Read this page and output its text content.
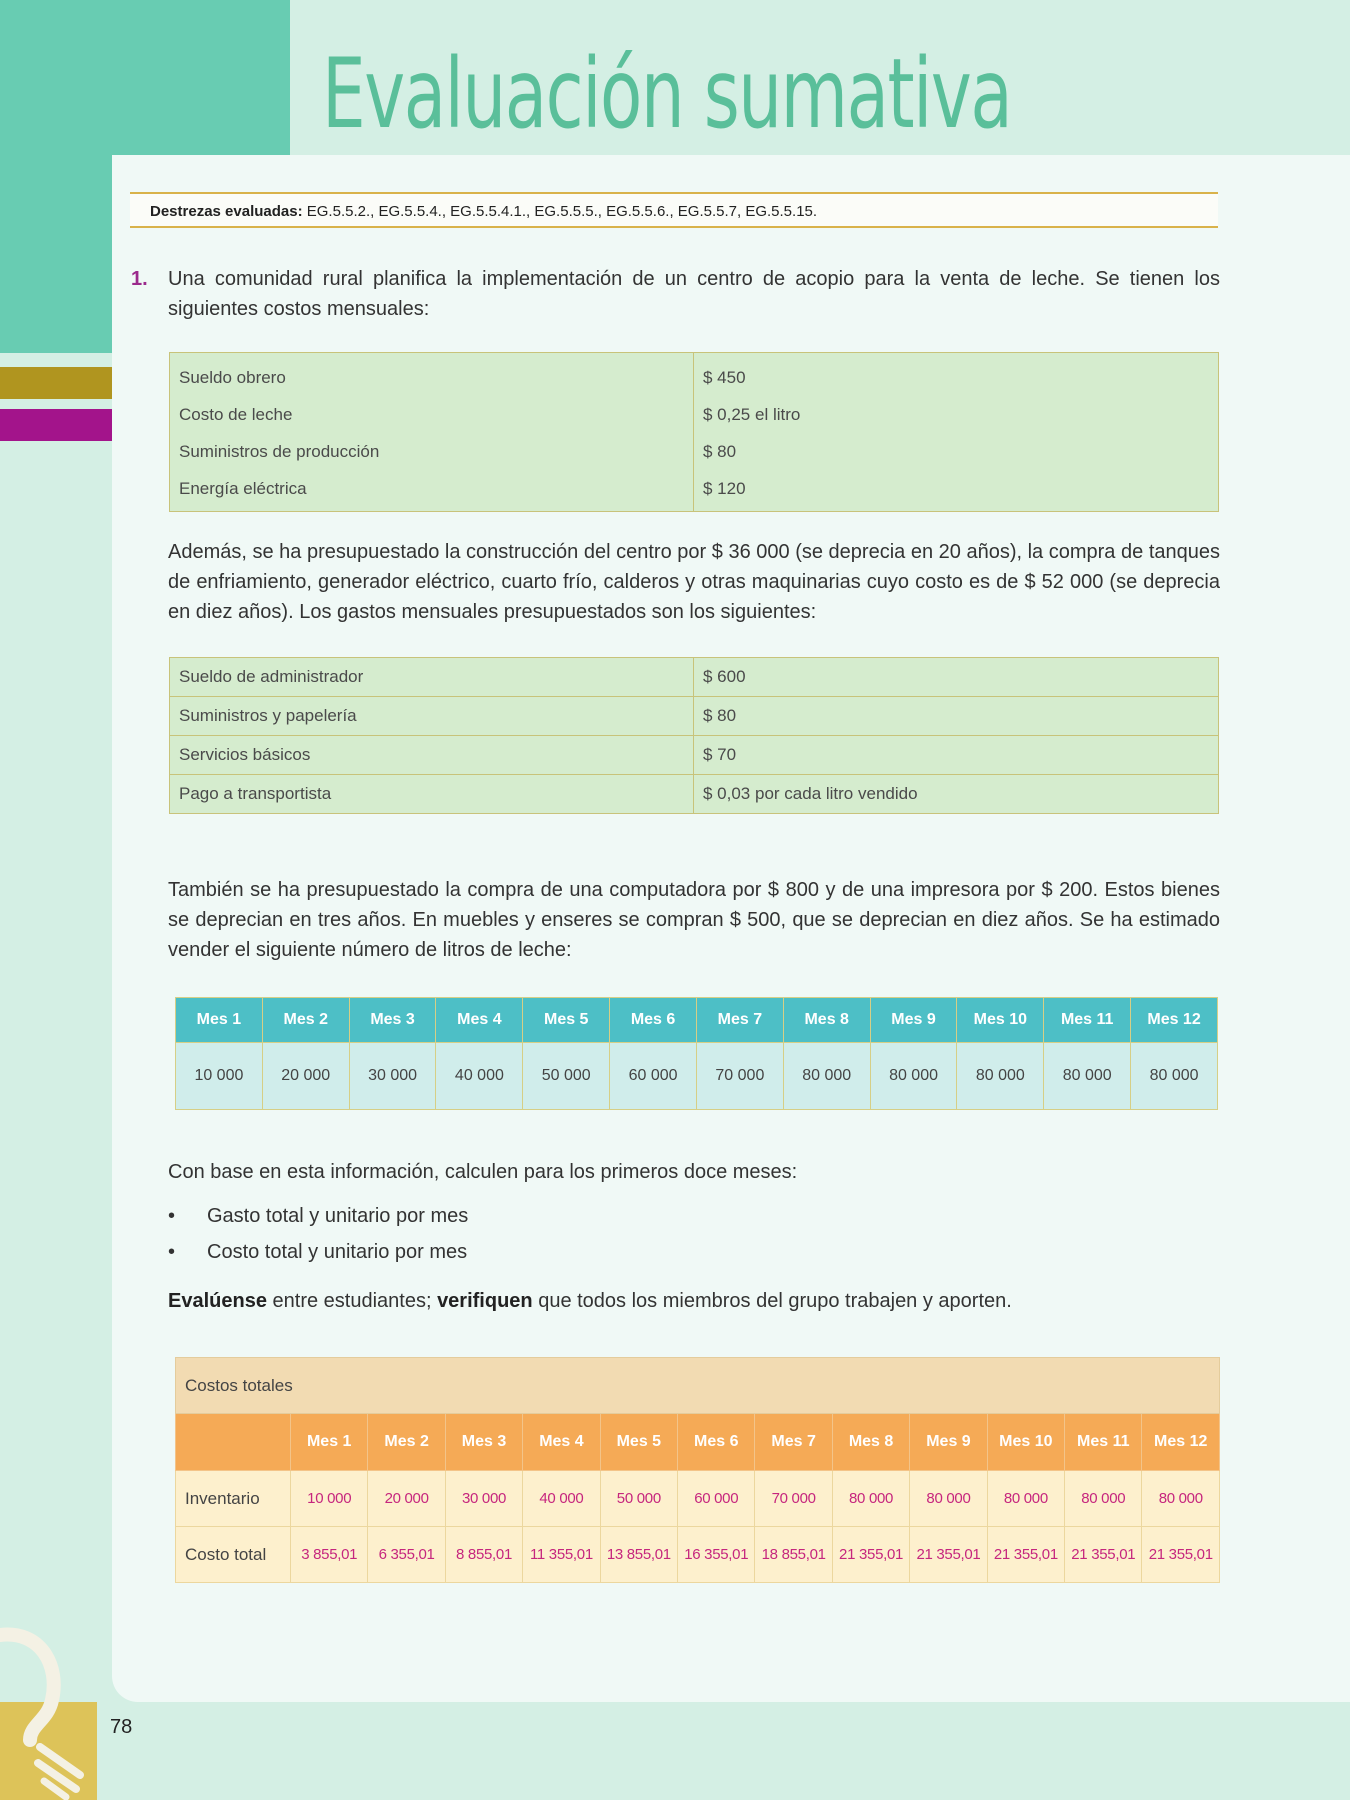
Evaluación sumativa
Destrezas evaluadas: EG.5.5.2., EG.5.5.4., EG.5.5.4.1., EG.5.5.5., EG.5.5.6., EG.5.5.7, EG.5.5.15.
1. Una comunidad rural planifica la implementación de un centro de acopio para la venta de leche. Se tienen los siguientes costos mensuales:

Sueldo obrero	$ 450
Costo de leche	$ 0,25 el litro
Suministros de producción	$ 80
Energía eléctrica	$ 120

Además, se ha presupuestado la construcción del centro por $ 36 000 (se deprecia en 20 años), la compra de tanques de enfriamiento, generador eléctrico, cuarto frío, calderos y otras maquinarias cuyo costo es de $ 52 000 (se deprecia en diez años). Los gastos mensuales presupuestados son los siguientes:

Sueldo de administrador	$ 600
Suministros y papelería	$ 80
Servicios básicos	$ 70
Pago a transportista	$ 0,03 por cada litro vendido

También se ha presupuestado la compra de una computadora por $ 800 y de una impresora por $ 200. Estos bienes se deprecian en tres años. En muebles y enseres se compran $ 500, que se deprecian en diez años. Se ha estimado vender el siguiente número de litros de leche:

Mes 1	Mes 2	Mes 3	Mes 4	Mes 5	Mes 6	Mes 7	Mes 8	Mes 9	Mes 10	Mes 11	Mes 12
10 000	20 000	30 000	40 000	50 000	60 000	70 000	80 000	80 000	80 000	80 000	80 000

Con base en esta información, calculen para los primeros doce meses:

• Gasto total y unitario por mes
• Costo total y unitario por mes

Evalúense entre estudiantes; verifiquen que todos los miembros del grupo trabajen y aporten.

Costos totales												
	Mes 1	Mes 2	Mes 3	Mes 4	Mes 5	Mes 6	Mes 7	Mes 8	Mes 9	Mes 10	Mes 11	Mes 12
Inventario	10 000	20 000	30 000	40 000	50 000	60 000	70 000	80 000	80 000	80 000	80 000	80 000
Costo total	3 855,01	6 355,01	8 855,01	11 355,01	13 855,01	16 355,01	18 855,01	21 355,01	21 355,01	21 355,01	21 355,01	21 355,01
78
